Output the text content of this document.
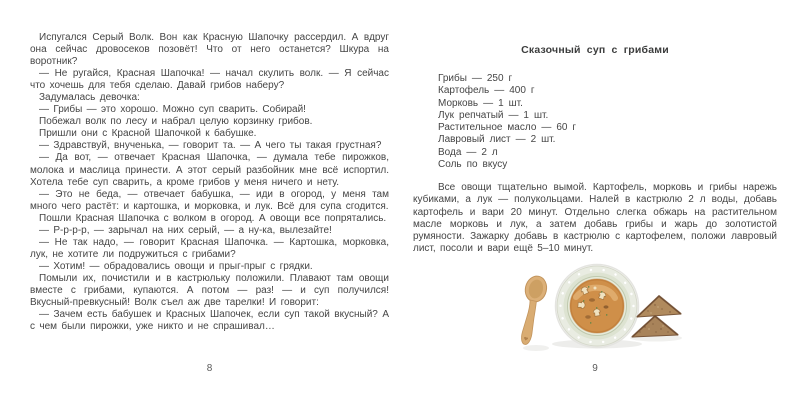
Испугался Серый Волк. Вон как Красную Шапочку рассердил. А вдруг она сейчас дровосеков позовёт! Что от него останется? Шкура на воротник?

— Не ругайся, Красная Шапочка! — начал скулить волк. — Я сейчас что хочешь для тебя сделаю. Давай грибов наберу?

Задумалась девочка:

— Грибы — это хорошо. Можно суп сварить. Собирай!

Побежал волк по лесу и набрал целую корзинку грибов.

Пришли они с Красной Шапочкой к бабушке.

— Здравствуй, внученька, — говорит та. — А чего ты такая грустная?

— Да вот, — отвечает Красная Шапочка, — думала тебе пирожков, молока и маслица принести. А этот серый разбойник мне всё испортил. Хотела тебе суп сварить, а кроме грибов у меня ничего и нету.

— Это не беда, — отвечает бабушка, — иди в огород, у меня там много чего растёт: и картошка, и морковка, и лук. Всё для супа сгодится.

Пошли Красная Шапочка с волком в огород. А овощи все попрятались.

— Р-р-р-р, — зарычал на них серый, — а ну-ка, вылезайте!

— Не так надо, — говорит Красная Шапочка. — Картошка, морковка, лук, не хотите ли подружиться с грибами?

— Хотим! — обрадовались овощи и прыг-прыг с грядки.

Помыли их, почистили и в кастрюльку положили. Плавают там овощи вместе с грибами, купаются. А потом — раз! — и суп получился! Вкусный-превкусный! Волк съел аж две тарелки! И говорит:

— Зачем есть бабушек и Красных Шапочек, если суп такой вкусный? А с чем были пирожки, уже никто и не спрашивал…

8
Сказочный суп с грибами
Грибы — 250 г
Картофель — 400 г
Морковь — 1 шт.
Лук репчатый — 1 шт.
Растительное масло — 60 г
Лавровый лист — 2 шт.
Вода — 2 л
Соль по вкусу

Все овощи тщательно вымой. Картофель, морковь и грибы нарежь кубиками, а лук — полукольцами. Налей в кастрюлю 2 л воды, добавь картофель и вари 20 минут. Отдельно слегка обжарь на растительном масле морковь и лук, а затем добавь грибы и жарь до золотистой румяности. Зажарку добавь в кастрюлю с картофелем, положи лавровый лист, посоли и вари ещё 5–10 минут.

9
